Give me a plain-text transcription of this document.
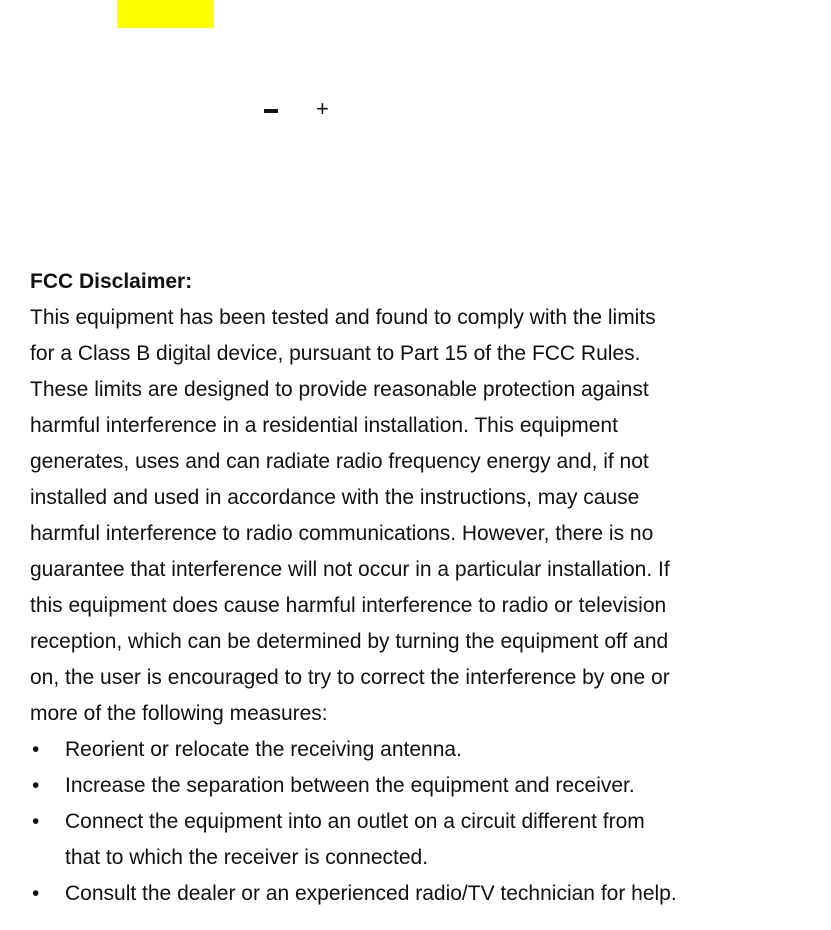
+
FCC Disclaimer:

This equipment has been tested and found to comply with the limits

for a Class B digital device, pursuant to Part 15 of the FCC Rules.

These limits are designed to provide reasonable protection against

harmful interference in a residential installation. This equipment

generates, uses and can radiate radio frequency energy and, if not

installed and used in accordance with the instructions, may cause

harmful interference to radio communications. However, there is no

guarantee that interference will not occur in a particular installation. If

this equipment does cause harmful interference to radio or television

reception, which can be determined by turning the equipment off and

on, the user is encouraged to try to correct the interference by one or

more of the following measures:

• Reorient or relocate the receiving antenna.
• Increase the separation between the equipment and receiver.
• Connect the equipment into an outlet on a circuit different from
that to which the receiver is connected.
• Consult the dealer or an experienced radio/TV technician for help.
